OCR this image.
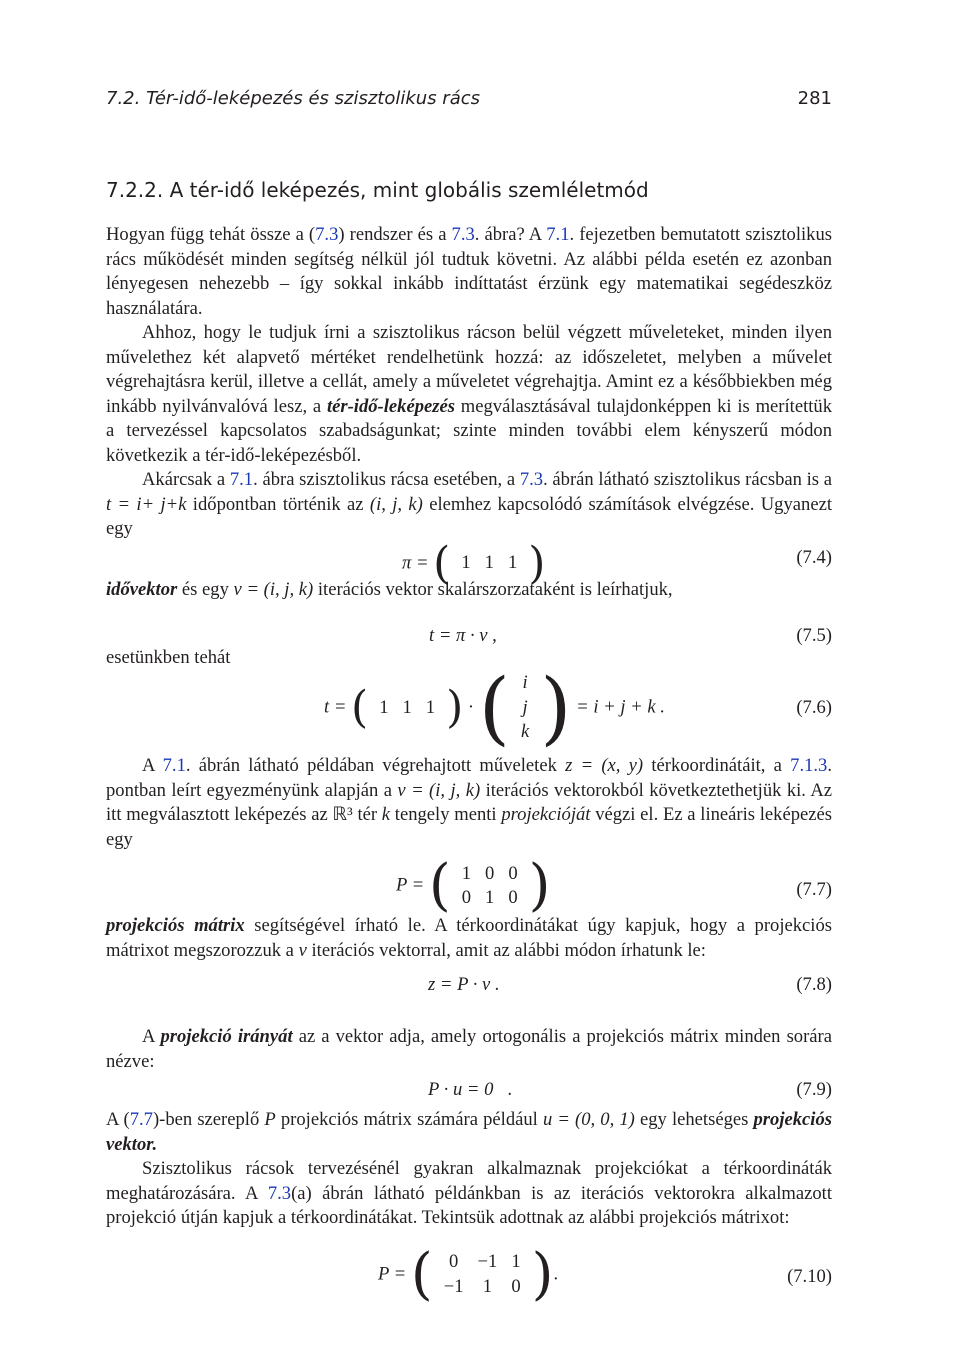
7.2. Tér-idő-leképezés és szisztolikus rács	281
7.2.2. A tér-idő leképezés, mint globális szemléletmód

Hogyan függ tehát össze a (7.3) rendszer és a 7.3. ábra? A 7.1. fejezetben bemutatott szisztolikus rács működését minden segítség nélkül jól tudtuk követni. Az alábbi példa esetén ez azonban lényegesen nehezebb – így sokkal inkább indíttatást érzünk egy matematikai segédeszköz használatára.

Ahhoz, hogy le tudjuk írni a szisztolikus rácson belül végzett műveleteket, minden ilyen művelethez két alapvető mértéket rendelhetünk hozzá: az időszeletet, melyben a művelet végrehajtásra kerül, illetve a cellát, amely a műveletet végrehajtja. Amint ez a későbbiekben még inkább nyilvánvalóvá lesz, a tér-idő-leképezés megválasztásával tulajdonképpen ki is merítettük a tervezéssel kapcsolatos szabadságunkat; szinte minden további elem kényszerű módon következik a tér-idő-leképezésből.

Akárcsak a 7.1. ábra szisztolikus rácsa esetében, a 7.3. ábrán látható szisztolikus rácsban is a t = i+ j+k időpontban történik az (i, j, k) elemhez kapcsolódó számítások elvégzése. Ugyanezt egy

π = ( 1	1	1 )	(7.4)

idővektor és egy v = (i, j, k) iterációs vektor skalárszorzataként is leírhatjuk,

t = π · v ,	(7.5)
esetünkben tehát
t = ( 1	1	1 ) · ( i
j
k ) = i + j + k .	(7.6)

A 7.1. ábrán látható példában végrehajtott műveletek z = (x, y) térkoordinátáit, a 7.1.3. pontban leírt egyezményünk alapján a v = (i, j, k) iterációs vektorokból következtethetjük ki. Az itt megválasztott leképezés az ℝ³ tér k tengely menti projekcióját végzi el. Ez a lineáris leképezés egy

P = ( 1	0	0
0	1	0 )	(7.7)

projekciós mátrix segítségével írható le. A térkoordinátákat úgy kapjuk, hogy a projekciós mátrixot megszorozzuk a v iterációs vektorral, amit az alábbi módon írhatunk le:

z = P · v .	(7.8)

A projekció irányát az a vektor adja, amely ortogonális a projekciós mátrix minden sorára nézve:

P · u = 0⃗.	(7.9)

A (7.7)-ben szereplő P projekciós mátrix számára például u = (0, 0, 1) egy lehetséges projekciós vektor.

Szisztolikus rácsok tervezésénél gyakran alkalmaznak projekciókat a térkoordináták meghatározására. A 7.3(a) ábrán látható példánkban is az iterációs vektorokra alkalmazott projekció útján kapjuk a térkoordinátákat. Tekintsük adottnak az alábbi projekciós mátrixot:

P = ( 0	−1	1
−1	1	0 ).	(7.10)
